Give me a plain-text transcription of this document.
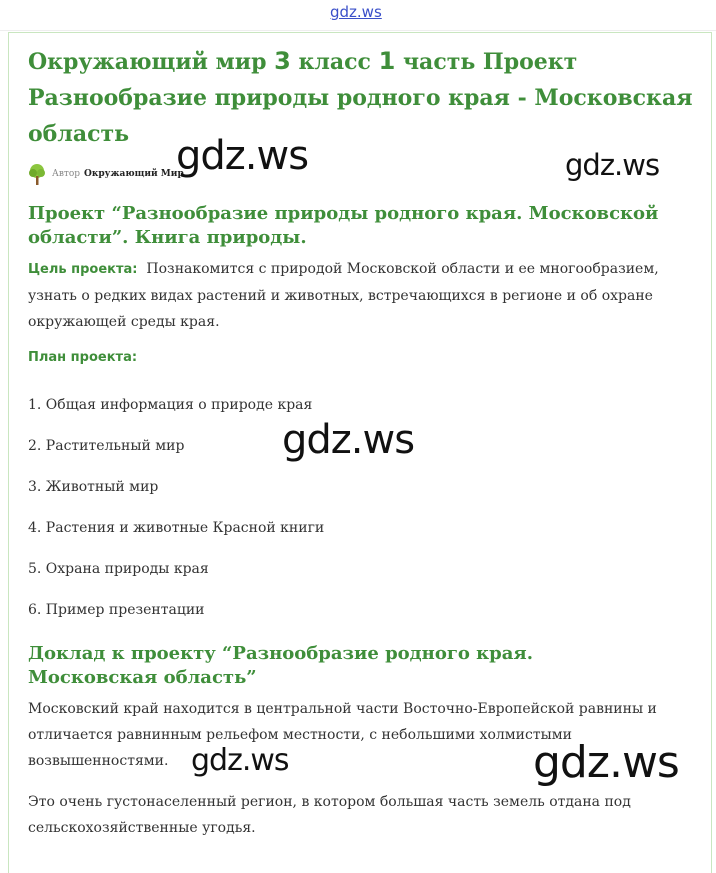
gdz.ws
Окружающий мир 3 класс 1 часть Проект Разнообразие природы родного края - Московская область
Автор Окружающий Мир
Проект “Разнообразие природы родного края. Московской области”. Книга природы.

Цель проекта: Познакомится с природой Московской области и ее многообразием, узнать о редких видах растений и животных, встречающихся в регионе и об охране окружающей среды края.

План проекта:

1. Общая информация о природе края

2. Растительный мир

3. Животный мир

4. Растения и животные Красной книги

5. Охрана природы края

6. Пример презентации

Доклад к проекту “Разнообразие родного края. Московская область”

Московский край находится в центральной части Восточно-Европейской равнины и отличается равнинным рельефом местности, с небольшими холмистыми возвышенностями.

Это очень густонаселенный регион, в котором большая часть земель отдана под сельскохозяйственные угодья.

gdz.ws	gdz.ws
gdz.ws
gdz.ws	gdz.ws
